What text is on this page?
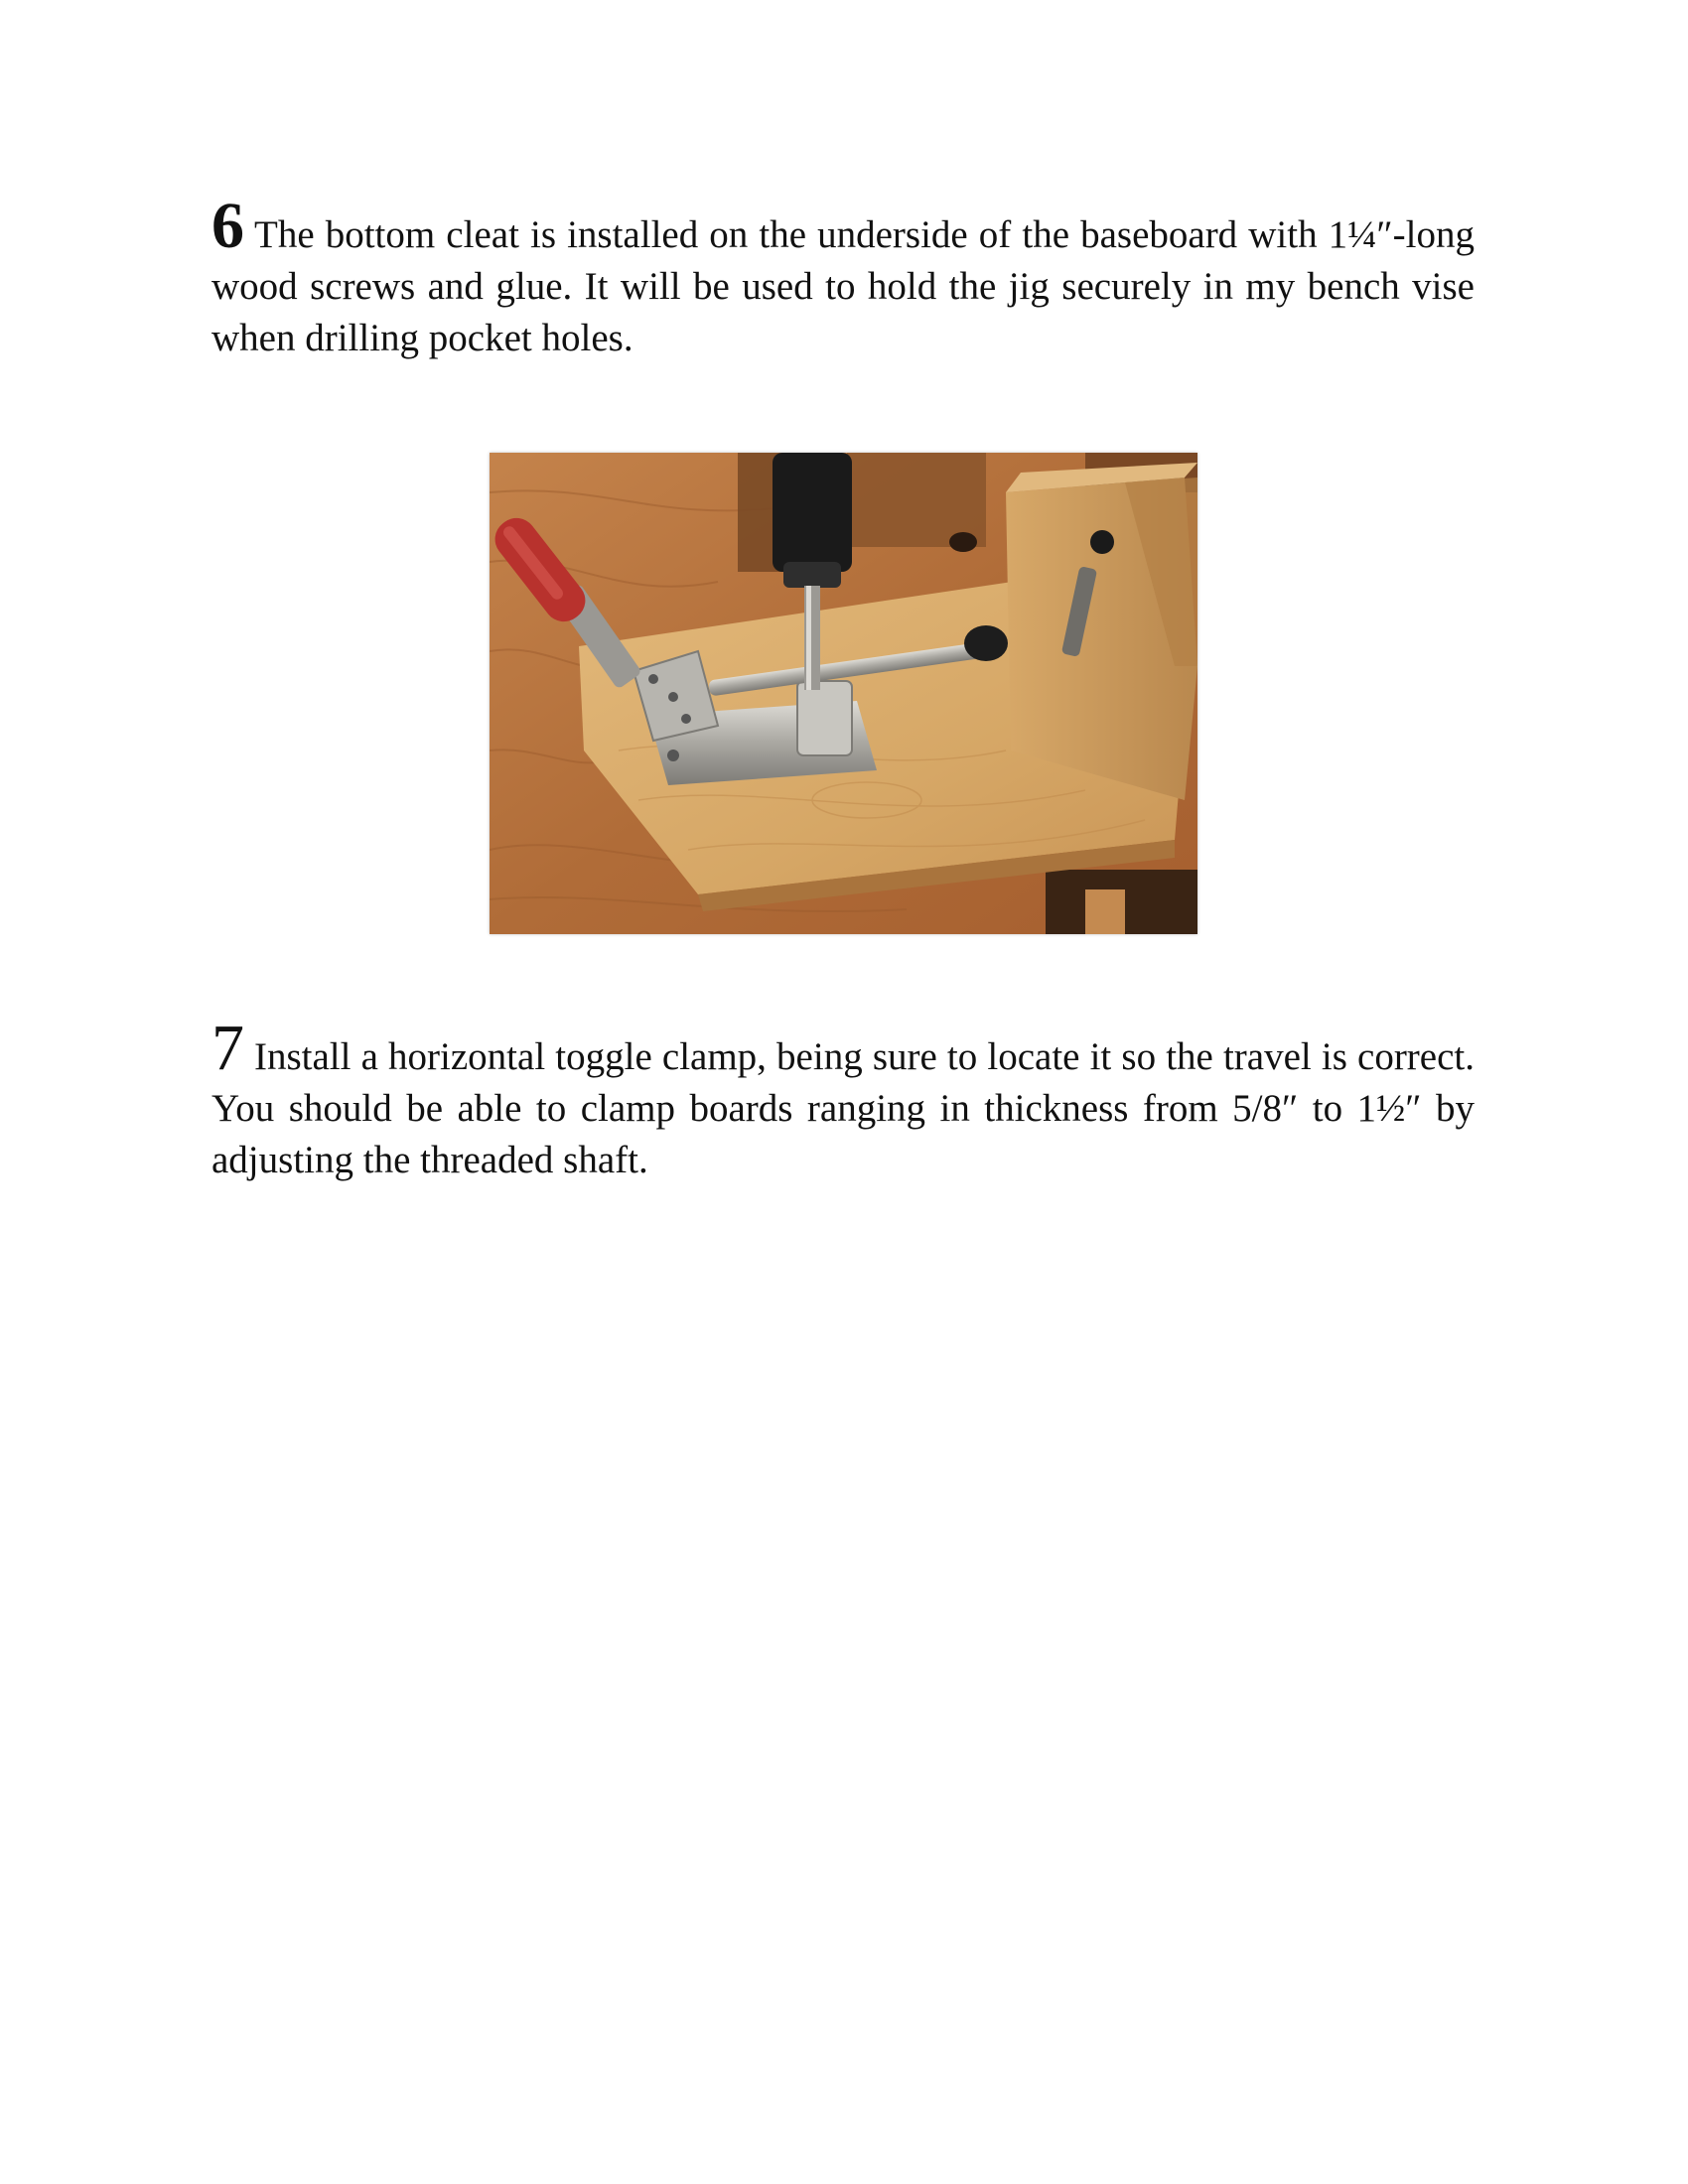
6 The bottom cleat is installed on the underside of the baseboard with 1¼″-long wood screws and glue. It will be used to hold the jig securely in my bench vise when drilling pocket holes.
7 Install a horizontal toggle clamp, being sure to locate it so the travel is correct. You should be able to clamp boards ranging in thickness from 5/8″ to 1½″ by adjusting the threaded shaft.
